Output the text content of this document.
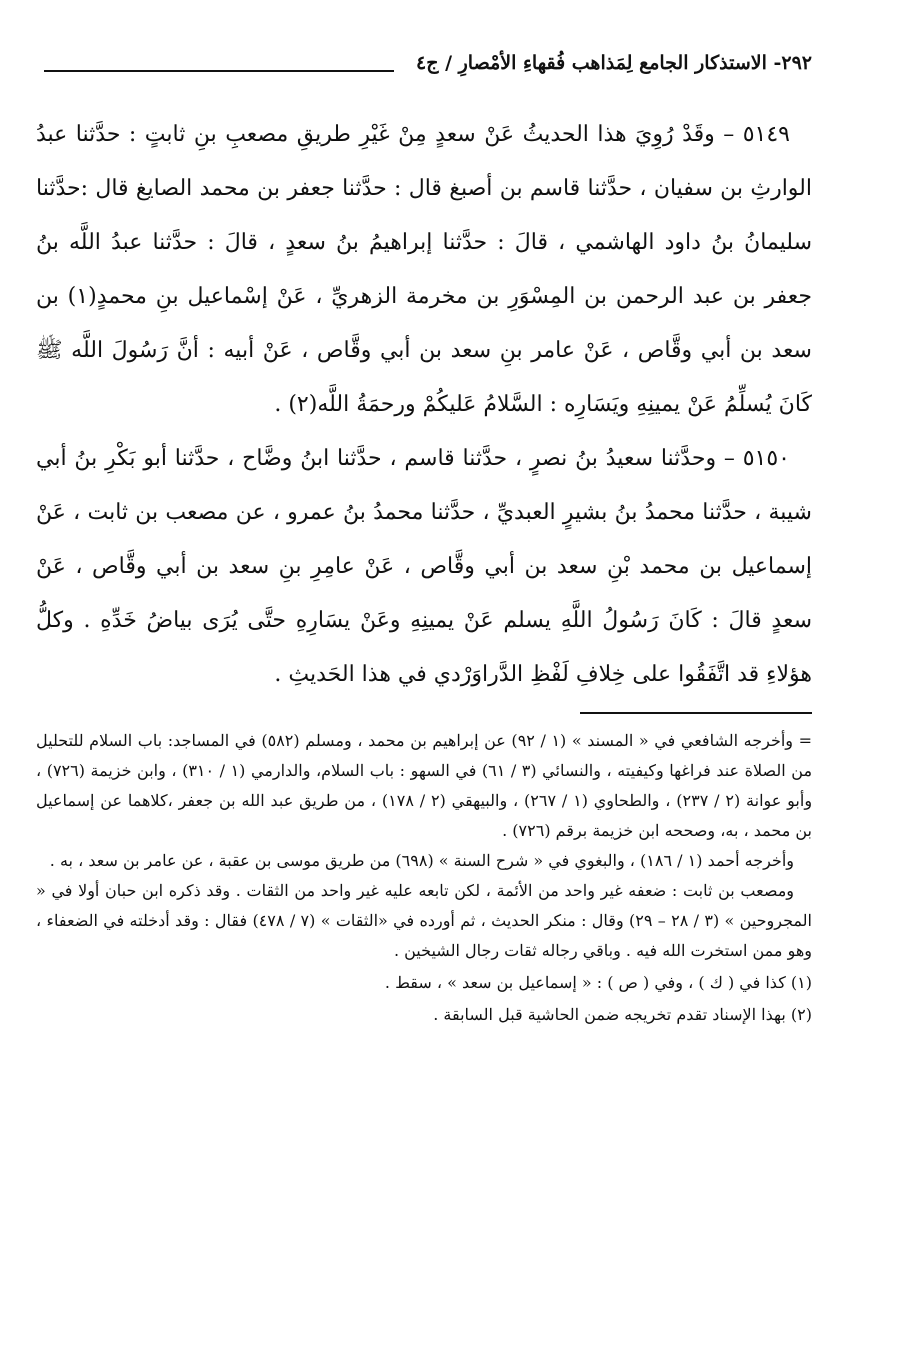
٢٩٢- الاستذكار الجامع لِمَذاهب فُقهاءِ الأمْصارِ / ج٤

٥١٤٩ – وقَدْ رُوِيَ هذا الحديثُ عَنْ سعدٍ مِنْ غَيْرِ طريقِ مصعبِ بنِ ثابتٍ : حدَّثنا عبدُ الوارثِ بن سفيان ، حدَّثنا قاسم بن أصبغ قال : حدَّثنا جعفر بن محمد الصايغ قال :حدَّثنا سليمانُ بنُ داود الهاشمي ، قالَ : حدَّثنا إبراهيمُ بنُ سعدٍ ، قالَ : حدَّثنا عبدُ اللَّه بنُ جعفر بن عبد الرحمن بن المِسْوَرِ بن مخرمة الزهريِّ ، عَنْ إسْماعيل بنِ محمدٍ(١) بن سعد بن أبي وقَّاص ، عَنْ عامر بنِ سعد بن أبي وقَّاص ، عَنْ أبيه : أنَّ رَسُولَ اللَّه ﷺ كَانَ يُسلِّمُ عَنْ يمينِهِ ويَسَارِه : السَّلامُ عَليكُمْ ورحمَةُ اللَّه(٢) .

٥١٥٠ – وحدَّثنا سعيدُ بنُ نصرٍ ، حدَّثنا قاسم ، حدَّثنا ابنُ وضَّاح ، حدَّثنا أبو بَكْرِ بنُ أبي شيبة ، حدَّثنا محمدُ بنُ بشيرٍ العبديِّ ، حدَّثنا محمدُ بنُ عمرو ، عن مصعب بن ثابت ، عَنْ إسماعيل بن محمد بْنِ سعد بن أبي وقَّاص ، عَنْ عامِرِ بنِ سعد بن أبي وقَّاص ، عَنْ سعدٍ قالَ : كَانَ رَسُولُ اللَّهِ يسلم عَنْ يمينِهِ وعَنْ يسَارِهِ حتَّى يُرَى بياضُ خَدِّهِ . وكلُّ هؤلاءِ قد اتَّفَقُوا على خِلافِ لَفْظِ الدَّراوَرْدي في هذا الحَديثِ .

= وأخرجه الشافعي في « المسند » (١ / ٩٢) عن إبراهيم بن محمد ، ومسلم (٥٨٢) في المساجد: باب السلام للتحليل من الصلاة عند فراغها وكيفيته ، والنسائي (٣ / ٦١) في السهو : باب السلام، والدارمي (١ / ٣١٠) ، وابن خزيمة (٧٢٦) ، وأبو عوانة (٢ / ٢٣٧) ، والطحاوي (١ / ٢٦٧) ، والبيهقي (٢ / ١٧٨) ، من طريق عبد الله بن جعفر ،كلاهما عن إسماعيل بن محمد ، به، وصححه ابن خزيمة برقم (٧٢٦) .

وأخرجه أحمد (١ / ١٨٦) ، والبغوي في « شرح السنة » (٦٩٨) من طريق موسى بن عقبة ، عن عامر بن سعد ، به .

ومصعب بن ثابت : ضعفه غير واحد من الأئمة ، لكن تابعه عليه غير واحد من الثقات . وقد ذكره ابن حبان أولا في « المجروحين » (٣ / ٢٨ – ٢٩) وقال : منكر الحديث ، ثم أورده في «الثقات » (٧ / ٤٧٨) فقال : وقد أدخلته في الضعفاء ، وهو ممن استخرت الله فيه . وباقي رجاله ثقات رجال الشيخين .

(١) كذا في ( ك ) ، وفي ( ص ) : « إسماعيل بن سعد » ، سقط .

(٢) بهذا الإسناد تقدم تخريجه ضمن الحاشية قبل السابقة .
